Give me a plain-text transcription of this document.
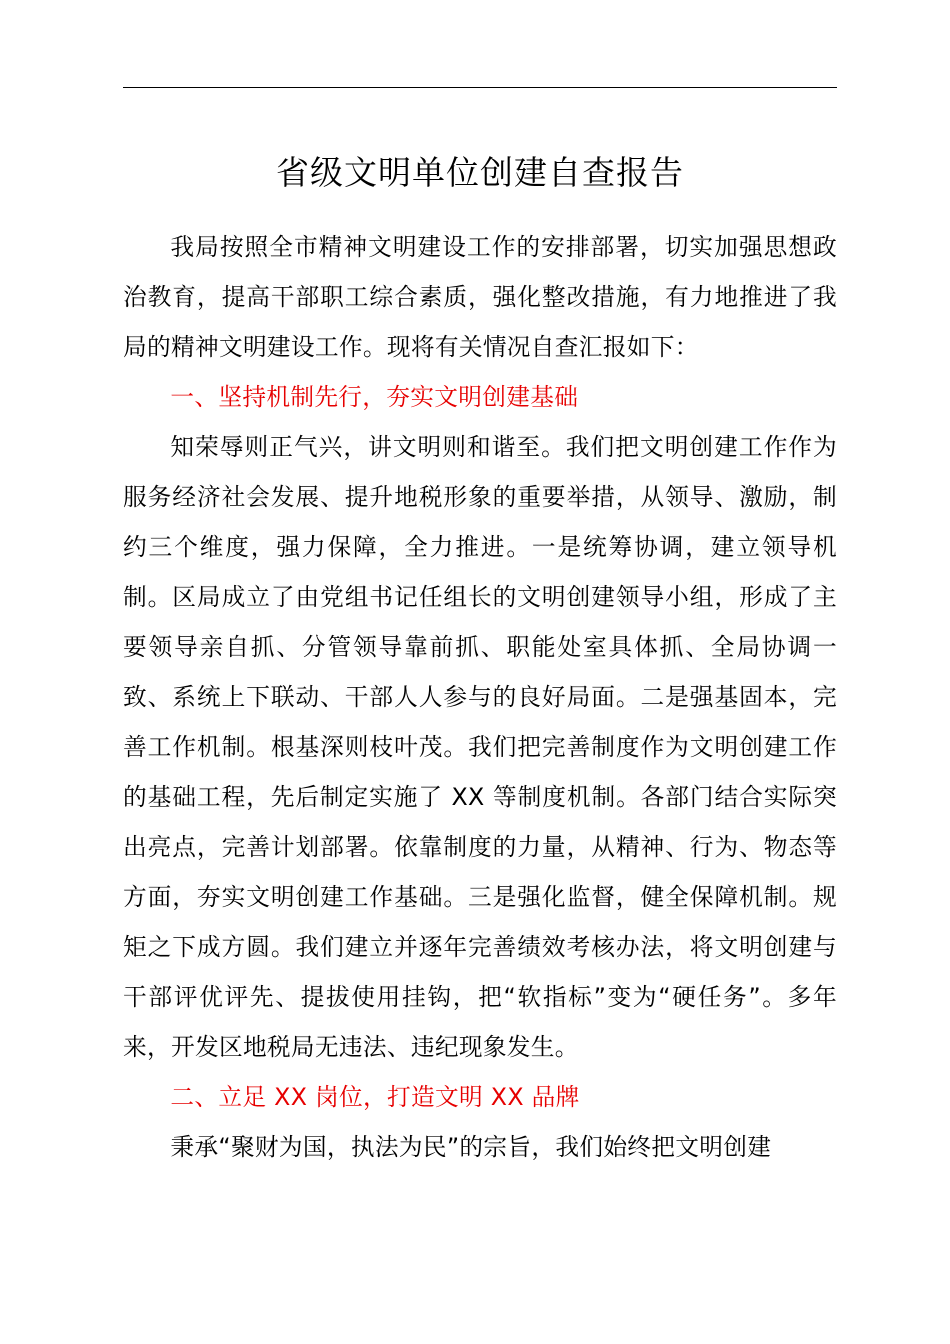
省级文明单位创建自查报告

我局按照全市精神文明建设工作的安排部署，切实加强思想政治教育，提高干部职工综合素质，强化整改措施，有力地推进了我局的精神文明建设工作。现将有关情况自查汇报如下：

一、坚持机制先行，夯实文明创建基础

知荣辱则正气兴，讲文明则和谐至。我们把文明创建工作作为服务经济社会发展、提升地税形象的重要举措，从领导、激励，制约三个维度，强力保障，全力推进。一是统筹协调，建立领导机制。区局成立了由党组书记任组长的文明创建领导小组，形成了主要领导亲自抓、分管领导靠前抓、职能处室具体抓、全局协调一致、系统上下联动、干部人人参与的良好局面。二是强基固本，完善工作机制。根基深则枝叶茂。我们把完善制度作为文明创建工作的基础工程，先后制定实施了 XX 等制度机制。各部门结合实际突出亮点，完善计划部署。依靠制度的力量，从精神、行为、物态等方面，夯实文明创建工作基础。三是强化监督，健全保障机制。规矩之下成方圆。我们建立并逐年完善绩效考核办法，将文明创建与干部评优评先、提拔使用挂钩，把“软指标”变为“硬任务”。多年来，开发区地税局无违法、违纪现象发生。

二、立足 XX 岗位，打造文明 XX 品牌

秉承“聚财为国，执法为民”的宗旨，我们始终把文明创建
